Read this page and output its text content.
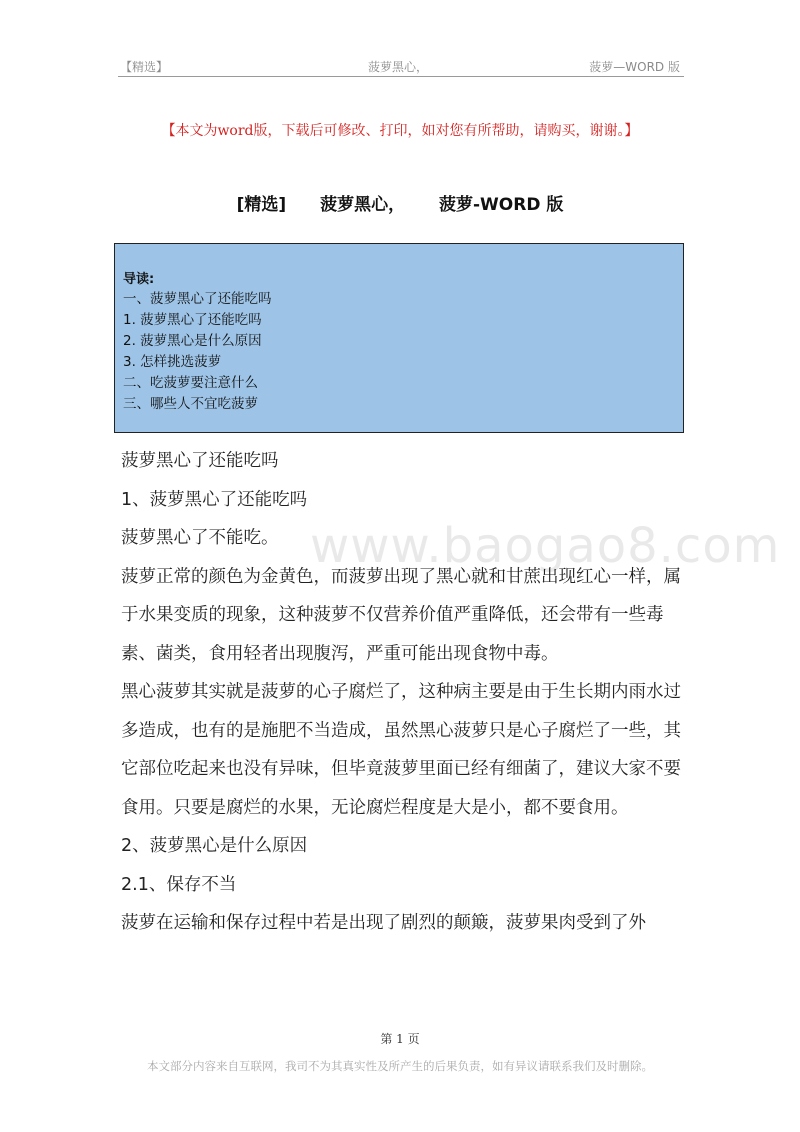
【精选】	菠萝黑心，	菠萝—WORD 版
【本文为word版，下载后可修改、打印，如对您有所帮助，请购买，谢谢。】
[精选] 菠萝黑心， 菠萝-WORD 版
导读:
一、菠萝黑心了还能吃吗
1. 菠萝黑心了还能吃吗
2. 菠萝黑心是什么原因
3. 怎样挑选菠萝
二、吃菠萝要注意什么
三、哪些人不宜吃菠萝
www.baogao8.com

菠萝黑心了还能吃吗

1、菠萝黑心了还能吃吗

菠萝黑心了不能吃。

菠萝正常的颜色为金黄色，而菠萝出现了黑心就和甘蔗出现红心一样，属于水果变质的现象，这种菠萝不仅营养价值严重降低，还会带有一些毒素、菌类，食用轻者出现腹泻，严重可能出现食物中毒。

黑心菠萝其实就是菠萝的心子腐烂了，这种病主要是由于生长期内雨水过多造成，也有的是施肥不当造成，虽然黑心菠萝只是心子腐烂了一些，其它部位吃起来也没有异味，但毕竟菠萝里面已经有细菌了，建议大家不要食用。只要是腐烂的水果，无论腐烂程度是大是小，都不要食用。

2、菠萝黑心是什么原因

2.1、保存不当

菠萝在运输和保存过程中若是出现了剧烈的颠簸，菠萝果肉受到了外

第 1 页
本文部分内容来自互联网，我司不为其真实性及所产生的后果负责，如有异议请联系我们及时删除。
